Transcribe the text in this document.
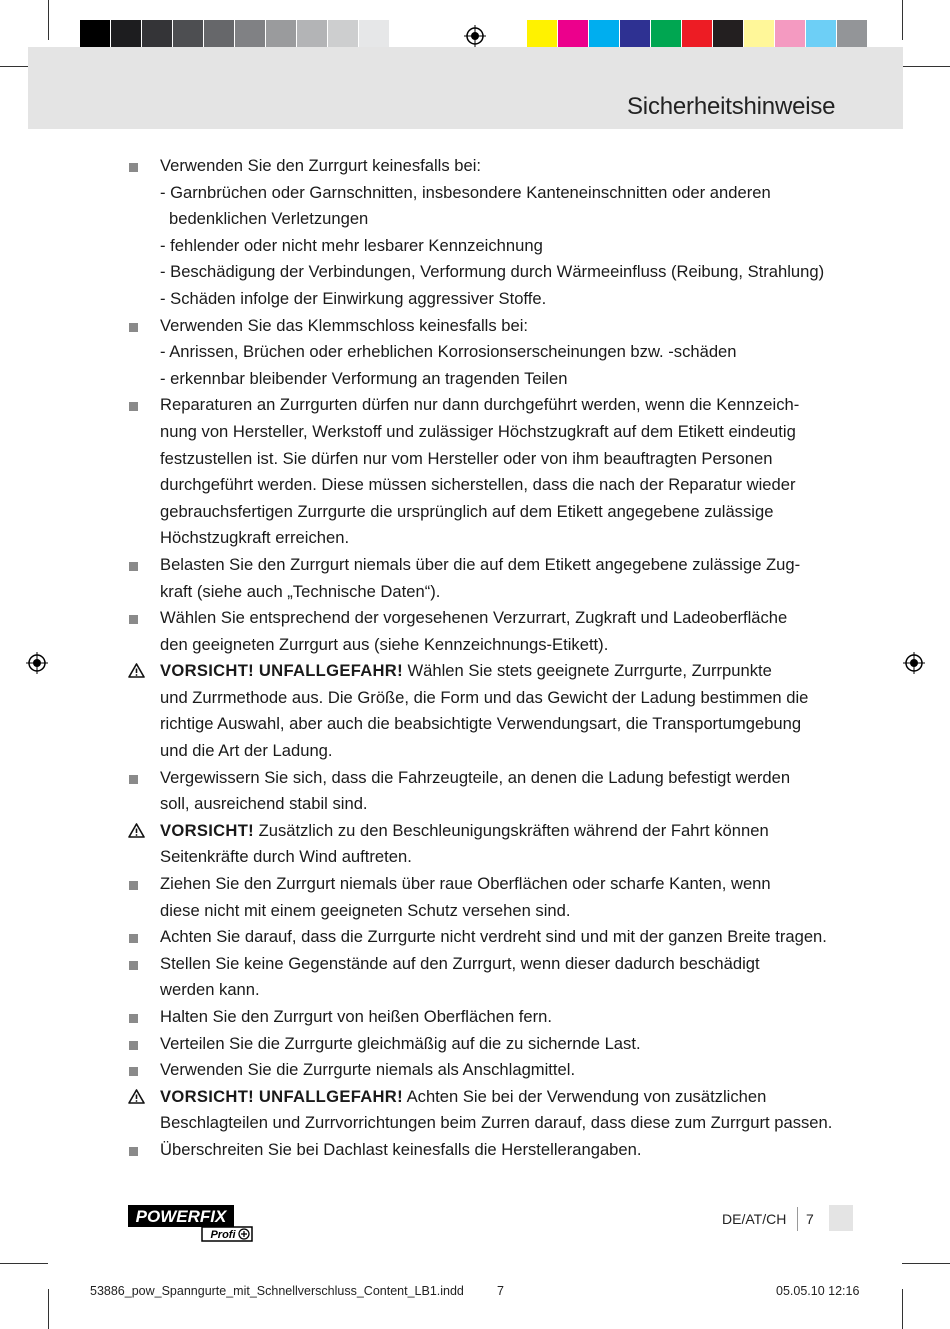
Sicherheitshinweise
Verwenden Sie den Zurrgurt keinesfalls bei:
- Garnbrüchen oder Garnschnitten, insbesondere Kanteneinschnitten oder anderen
bedenklichen Verletzungen
- fehlender oder nicht mehr lesbarer Kennzeichnung
- Beschädigung der Verbindungen, Verformung durch Wärmeeinfluss (Reibung, Strahlung)
- Schäden infolge der Einwirkung aggressiver Stoffe.
Verwenden Sie das Klemmschloss keinesfalls bei:
- Anrissen, Brüchen oder erheblichen Korrosionserscheinungen bzw. -schäden
- erkennbar bleibender Verformung an tragenden Teilen
Reparaturen an Zurrgurten dürfen nur dann durchgeführt werden, wenn die Kennzeich-
nung von Hersteller, Werkstoff und zulässiger Höchstzugkraft auf dem Etikett eindeutig
festzustellen ist. Sie dürfen nur vom Hersteller oder von ihm beauftragten Personen
durchgeführt werden. Diese müssen sicherstellen, dass die nach der Reparatur wieder
gebrauchsfertigen Zurrgurte die ursprünglich auf dem Etikett angegebene zulässige
Höchstzugkraft erreichen.
Belasten Sie den Zurrgurt niemals über die auf dem Etikett angegebene zulässige Zug-
kraft (siehe auch „Technische Daten“).
Wählen Sie entsprechend der vorgesehenen Verzurrart, Zugkraft und Ladeoberfläche
den geeigneten Zurrgurt aus (siehe Kennzeichnungs-Etikett).
VORSICHT! UNFALLGEFAHR! Wählen Sie stets geeignete Zurrgurte, Zurrpunkte
und Zurrmethode aus. Die Größe, die Form und das Gewicht der Ladung bestimmen die
richtige Auswahl, aber auch die beabsichtigte Verwendungsart, die Transportumgebung
und die Art der Ladung.
Vergewissern Sie sich, dass die Fahrzeugteile, an denen die Ladung befestigt werden
soll, ausreichend stabil sind.
VORSICHT! Zusätzlich zu den Beschleunigungskräften während der Fahrt können
Seitenkräfte durch Wind auftreten.
Ziehen Sie den Zurrgurt niemals über raue Oberflächen oder scharfe Kanten, wenn
diese nicht mit einem geeigneten Schutz versehen sind.
Achten Sie darauf, dass die Zurrgurte nicht verdreht sind und mit der ganzen Breite tragen.
Stellen Sie keine Gegenstände auf den Zurrgurt, wenn dieser dadurch beschädigt
werden kann.
Halten Sie den Zurrgurt von heißen Oberflächen fern.
Verteilen Sie die Zurrgurte gleichmäßig auf die zu sichernde Last.
Verwenden Sie die Zurrgurte niemals als Anschlagmittel.
VORSICHT! UNFALLGEFAHR! Achten Sie bei der Verwendung von zusätzlichen
Beschlagteilen und Zurrvorrichtungen beim Zurren darauf, dass diese zum Zurrgurt passen.
Überschreiten Sie bei Dachlast keinesfalls die Herstellerangaben.
POWERFIX
Profi
DE/AT/CH 7
53886_pow_Spanngurte_mit_Schnellverschluss_Content_LB1.indd	7	05.05.10 12:16
